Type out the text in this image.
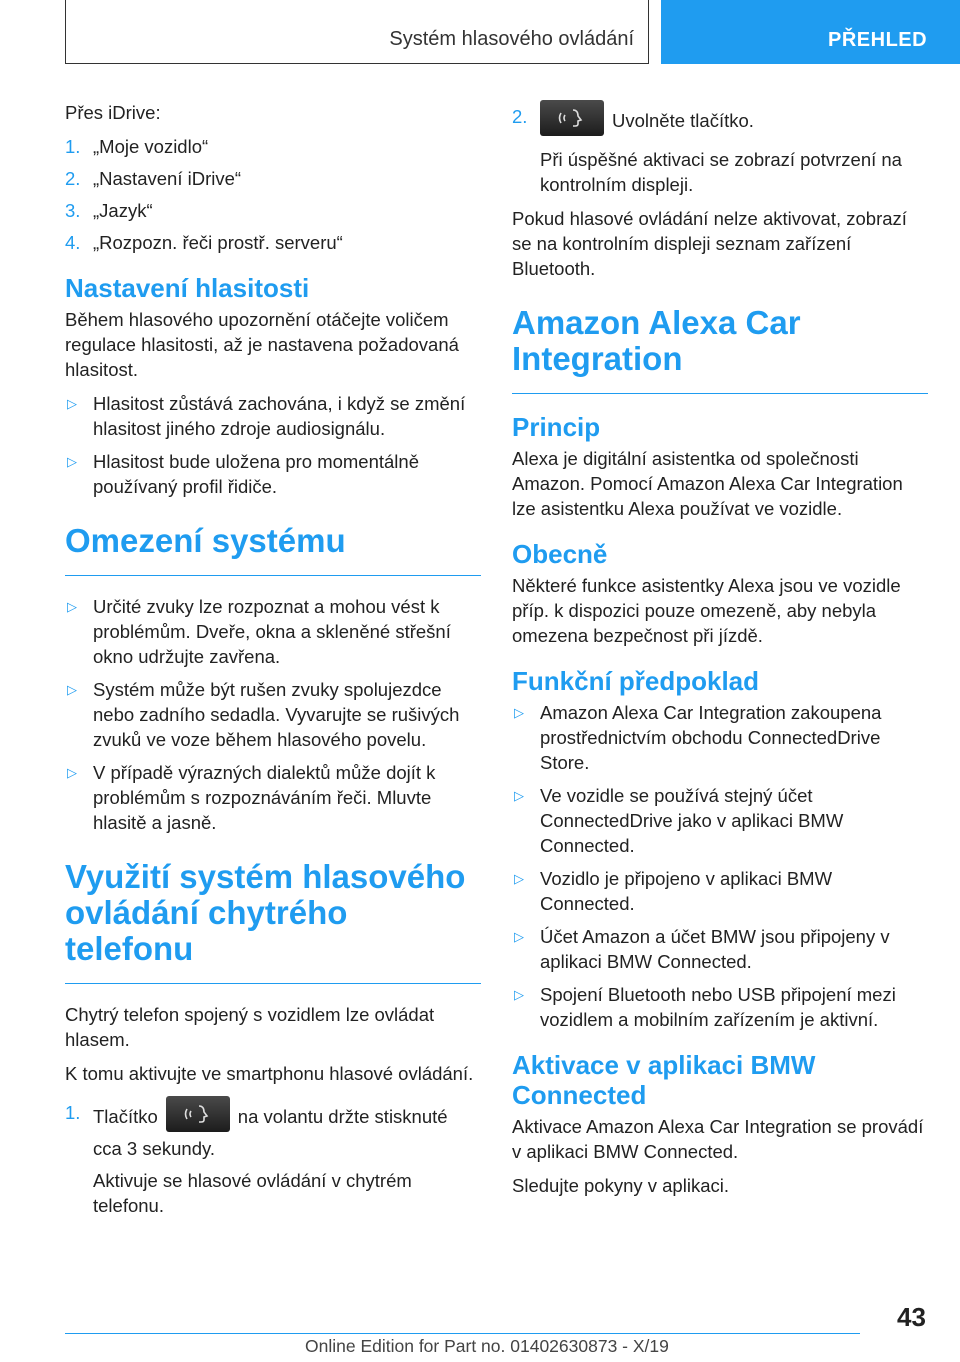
Systém hlasového ovládání	PŘEHLED

Přes iDrive:

1. „Moje vozidlo“
2. „Nastavení iDrive“
3. „Jazyk“
4. „Rozpozn. řeči prostř. serveru“
Nastavení hlasitosti

Během hlasového upozornění otáčejte voličem regulace hlasitosti, až je nastavena požadovaná hlasitost.

▷ Hlasitost zůstává zachována, i když se změní hlasitost jiného zdroje audiosignálu.
▷ Hlasitost bude uložena pro momentálně používaný profil řidiče.
Omezení systému
▷ Určité zvuky lze rozpoznat a mohou vést k problémům. Dveře, okna a skleněné střešní okno udržujte zavřena.
▷ Systém může být rušen zvuky spolujezdce nebo zadního sedadla. Vyvarujte se rušivých zvuků ve voze během hlasového povelu.
▷ V případě výrazných dialektů může dojít k problémům s rozpoznáváním řeči. Mluvte hlasitě a jasně.
Využití systém hlasového ovládání chytrého telefonu

Chytrý telefon spojený s vozidlem lze ovládat hlasem.

K tomu aktivujte ve smartphonu hlasové ovládání.

1. Tlačítko	na volantu držte stisknuté cca 3 sekundy.

Aktivuje se hlasové ovládání v chytrém telefonu.

2.	Uvolněte tlačítko.

Při úspěšné aktivaci se zobrazí potvrzení na kontrolním displeji.

Pokud hlasové ovládání nelze aktivovat, zobrazí se na kontrolním displeji seznam zařízení Bluetooth.

Amazon Alexa Car Integration
Princip

Alexa je digitální asistentka od společnosti Amazon. Pomocí Amazon Alexa Car Integration lze asistentku Alexa používat ve vozidle.

Obecně

Některé funkce asistentky Alexa jsou ve vozidle příp. k dispozici pouze omezeně, aby nebyla omezena bezpečnost při jízdě.

Funkční předpoklad
▷ Amazon Alexa Car Integration zakoupena prostřednictvím obchodu ConnectedDrive Store.
▷ Ve vozidle se používá stejný účet ConnectedDrive jako v aplikaci BMW Connected.
▷ Vozidlo je připojeno v aplikaci BMW Connected.
▷ Účet Amazon a účet BMW jsou připojeny v aplikaci BMW Connected.
▷ Spojení Bluetooth nebo USB připojení mezi vozidlem a mobilním zařízením je aktivní.
Aktivace v aplikaci BMW Connected

Aktivace Amazon Alexa Car Integration se provádí v aplikaci BMW Connected.

Sledujte pokyny v aplikaci.

43
Online Edition for Part no. 01402630873 - X/19
